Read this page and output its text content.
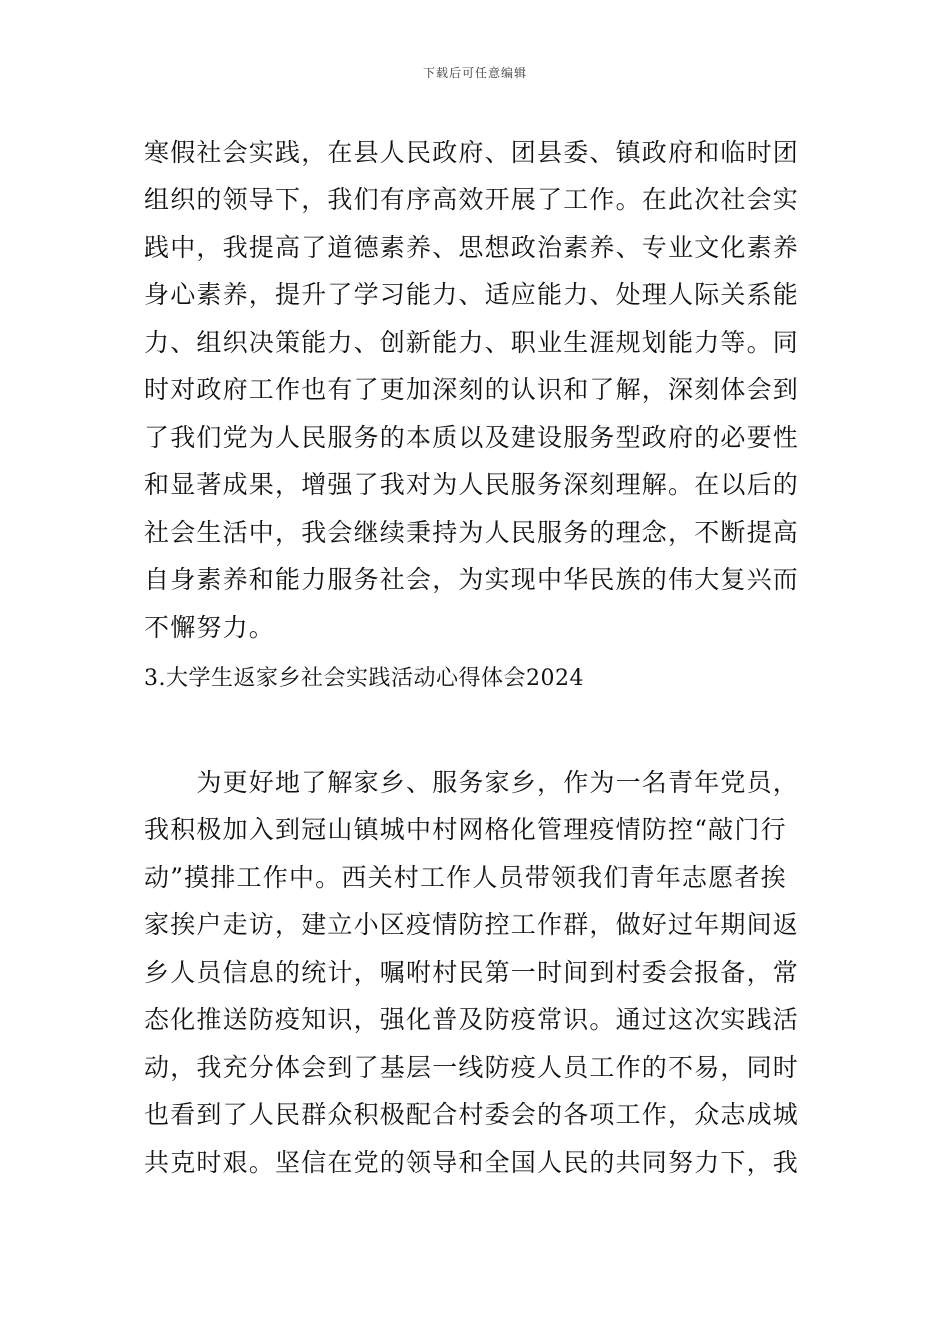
下载后可任意编辑
寒假社会实践，在县人民政府、团县委、镇政府和临时团
组织的领导下，我们有序高效开展了工作。在此次社会实
践中，我提高了道德素养、思想政治素养、专业文化素养
身心素养，提升了学习能力、适应能力、处理人际关系能
力、组织决策能力、创新能力、职业生涯规划能力等。同
时对政府工作也有了更加深刻的认识和了解，深刻体会到
了我们党为人民服务的本质以及建设服务型政府的必要性
和显著成果，增强了我对为人民服务深刻理解。在以后的
社会生活中，我会继续秉持为人民服务的理念，不断提高
自身素养和能力服务社会，为实现中华民族的伟大复兴而
不懈努力。
3.大学生返家乡社会实践活动心得体会2024
　　为更好地了解家乡、服务家乡，作为一名青年党员，
我积极加入到冠山镇城中村网格化管理疫情防控“敲门行
动”摸排工作中。西关村工作人员带领我们青年志愿者挨
家挨户走访，建立小区疫情防控工作群，做好过年期间返
乡人员信息的统计，嘱咐村民第一时间到村委会报备，常
态化推送防疫知识，强化普及防疫常识。通过这次实践活
动，我充分体会到了基层一线防疫人员工作的不易，同时
也看到了人民群众积极配合村委会的各项工作，众志成城
共克时艰。坚信在党的领导和全国人民的共同努力下，我
